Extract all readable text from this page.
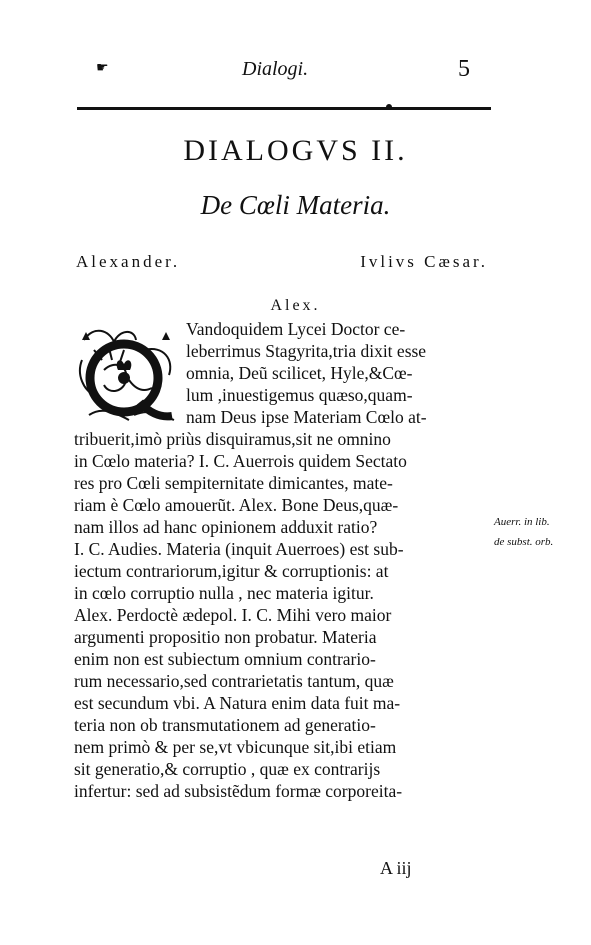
☛	Dialogi.	5
DIALOGVS II.
De Cœli Materia.
Alexander.	Ivlivs Cæsar.
Alex.
Vandoquidem Lycei Doctor ce-
leberrimus Stagyrita,tria dixit esse
omnia, Deũ scilicet, Hyle,&Cœ-
lum ,inuestigemus quæso,quam-
nam Deus ipse Materiam Cœlo at-
tribuerit,imò priùs disquiramus,sit ne omnino
in Cœlo materia? I. C. Auerrois quidem Sectato
res pro Cœli sempiternitate dimicantes, mate-
riam è Cœlo amouerũt. Alex. Bone Deus,quæ-
nam illos ad hanc opinionem adduxit ratio?
I. C. Audies. Materia (inquit Auerroes) est sub-
iectum contrariorum,igitur & corruptionis: at
in cœlo corruptio nulla , nec materia igitur.
Alex. Perdoctè ædepol. I. C. Mihi vero maior
argumenti propositio non probatur. Materia
enim non est subiectum omnium contrario-
rum necessario,sed contrarietatis tantum, quæ
est secundum vbi. A Natura enim data fuit ma-
teria non ob transmutationem ad generatio-
nem primò & per se,vt vbicunque sit,ibi etiam
sit generatio,& corruptio , quæ ex contrarijs
infertur: sed ad subsistẽdum formæ corporeita-
Auerr. in lib.
de subst. orb.
A iij
